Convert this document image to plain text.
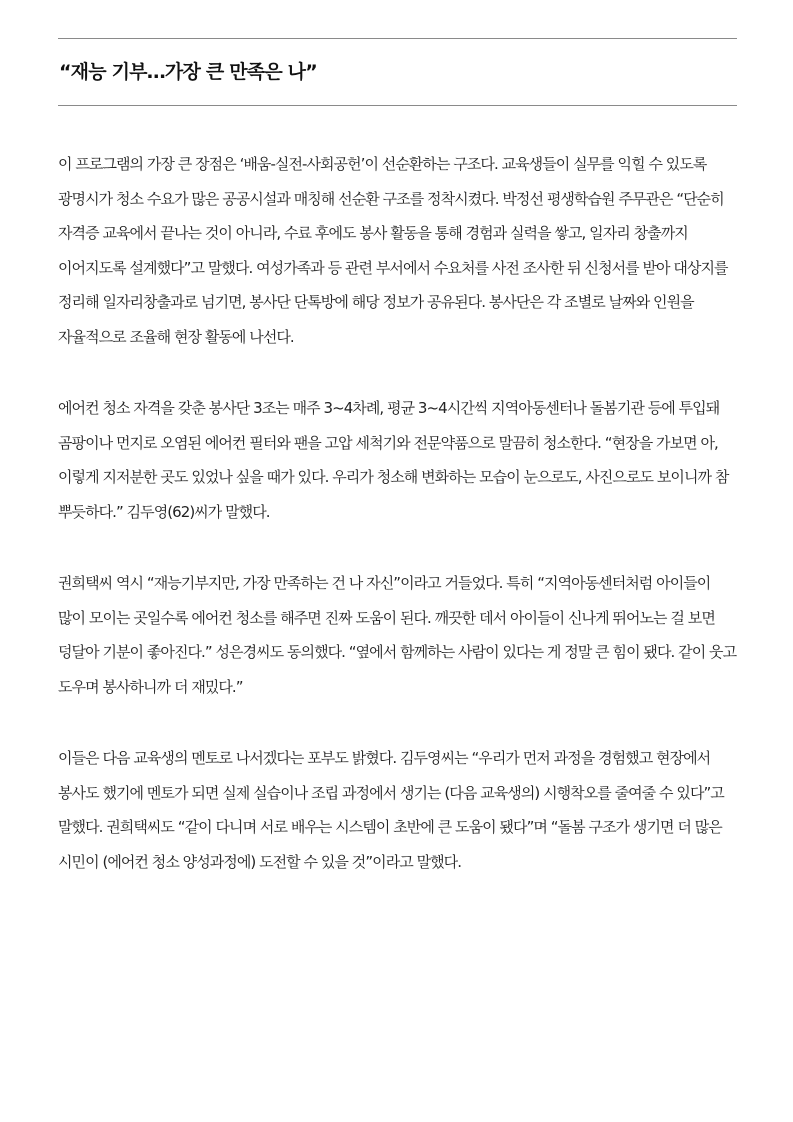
“재능 기부…가장 큰 만족은 나”

이 프로그램의 가장 큰 장점은 ‘배움-실전-사회공헌’이 선순환하는 구조다. 교육생들이 실무를 익힐 수 있도록 광명시가 청소 수요가 많은 공공시설과 매칭해 선순환 구조를 정착시켰다. 박정선 평생학습원 주무관은 “단순히 자격증 교육에서 끝나는 것이 아니라, 수료 후에도 봉사 활동을 통해 경험과 실력을 쌓고, 일자리 창출까지 이어지도록 설계했다”고 말했다. 여성가족과 등 관련 부서에서 수요처를 사전 조사한 뒤 신청서를 받아 대상지를 정리해 일자리창출과로 넘기면, 봉사단 단톡방에 해당 정보가 공유된다. 봉사단은 각 조별로 날짜와 인원을 자율적으로 조율해 현장 활동에 나선다.

에어컨 청소 자격을 갖춘 봉사단 3조는 매주 3~4차례, 평균 3~4시간씩 지역아동센터나 돌봄기관 등에 투입돼 곰팡이나 먼지로 오염된 에어컨 필터와 팬을 고압 세척기와 전문약품으로 말끔히 청소한다. “현장을 가보면 아, 이렇게 지저분한 곳도 있었나 싶을 때가 있다. 우리가 청소해 변화하는 모습이 눈으로도, 사진으로도 보이니까 참 뿌듯하다.” 김두영(62)씨가 말했다.

권희택씨 역시 “재능기부지만, 가장 만족하는 건 나 자신”이라고 거들었다. 특히 “지역아동센터처럼 아이들이 많이 모이는 곳일수록 에어컨 청소를 해주면 진짜 도움이 된다. 깨끗한 데서 아이들이 신나게 뛰어노는 걸 보면 덩달아 기분이 좋아진다.” 성은경씨도 동의했다. “옆에서 함께하는 사람이 있다는 게 정말 큰 힘이 됐다. 같이 웃고 도우며 봉사하니까 더 재밌다.”

이들은 다음 교육생의 멘토로 나서겠다는 포부도 밝혔다. 김두영씨는 “우리가 먼저 과정을 경험했고 현장에서 봉사도 했기에 멘토가 되면 실제 실습이나 조립 과정에서 생기는 (다음 교육생의) 시행착오를 줄여줄 수 있다”고 말했다. 권희택씨도 “같이 다니며 서로 배우는 시스템이 초반에 큰 도움이 됐다”며 “돌봄 구조가 생기면 더 많은 시민이 (에어컨 청소 양성과정에) 도전할 수 있을 것”이라고 말했다.
